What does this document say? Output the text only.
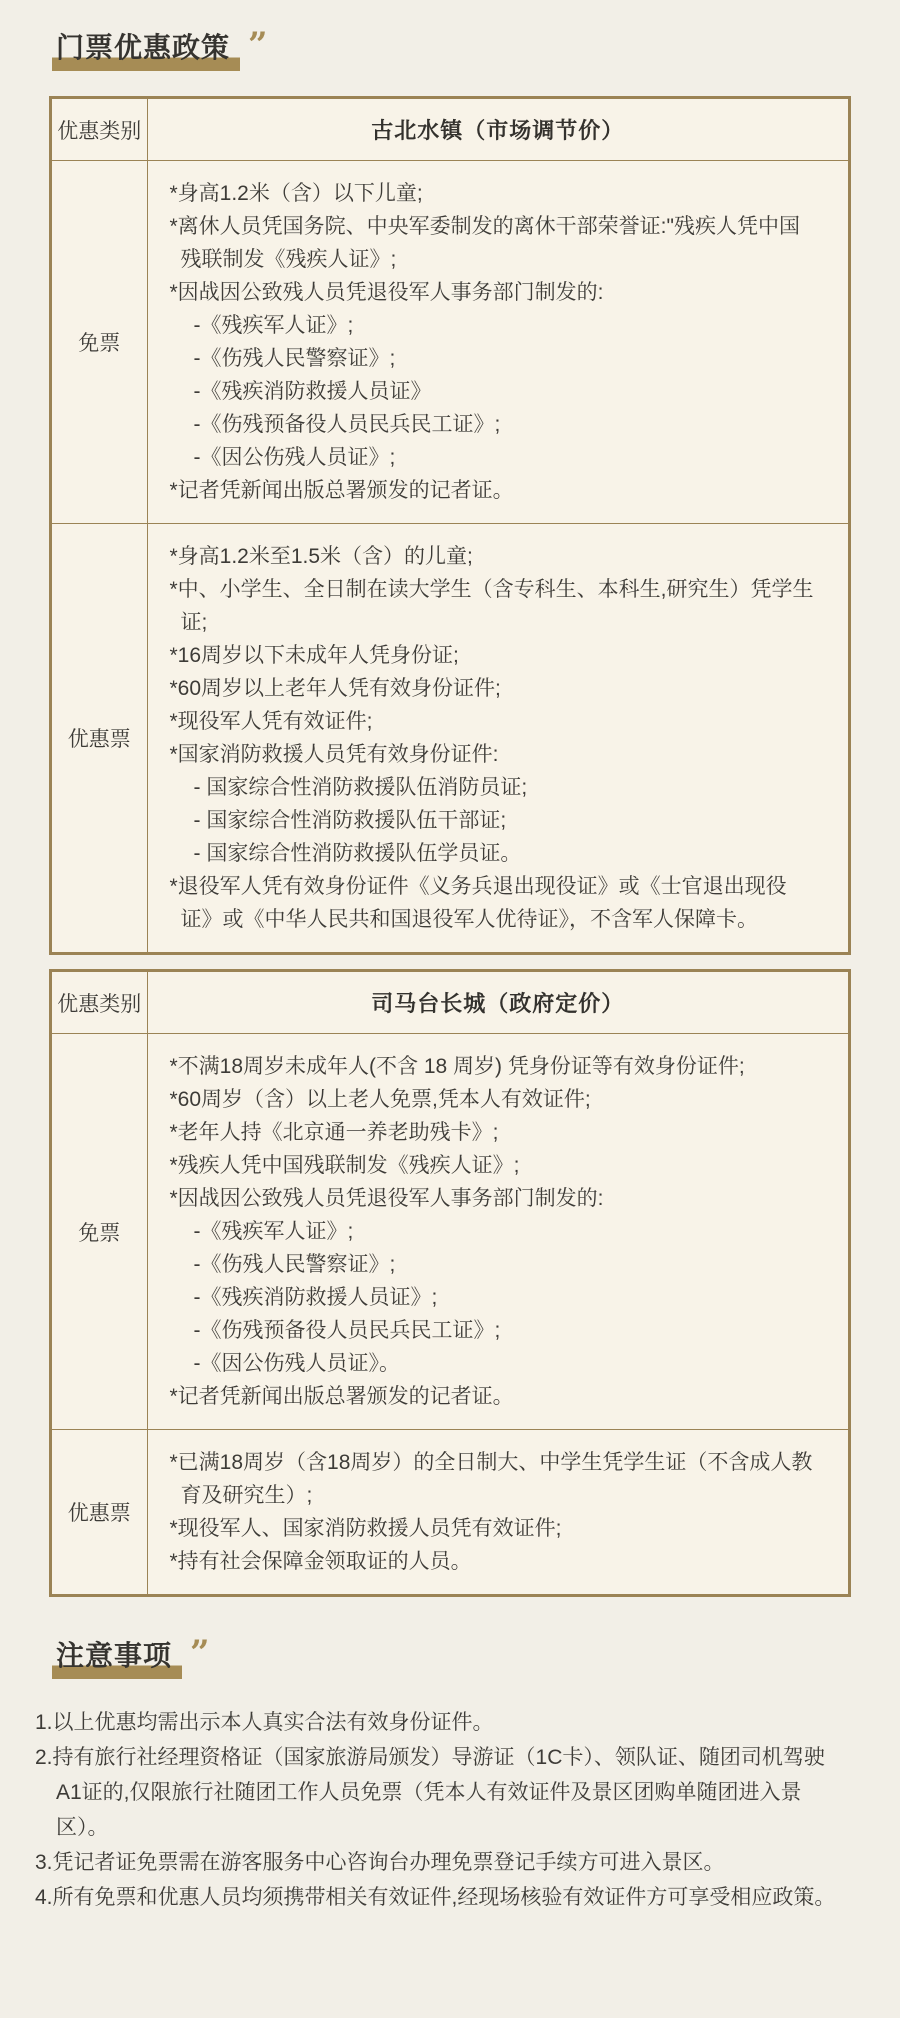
门票优惠政策 ”
优惠类别	古北水镇（市场调节价）
免票	
*身高1.2米（含）以下儿童;
*离休人员凭国务院、中央军委制发的离休干部荣誉证:"残疾人凭中国残联制发《残疾人证》;
*因战因公致残人员凭退役军人事务部门制发的:
-《残疾军人证》;
-《伤残人民警察证》;
-《残疾消防救援人员证》
-《伤残预备役人员民兵民工证》;
-《因公伤残人员证》;
*记者凭新闻出版总署颁发的记者证。

优惠票	
*身高1.2米至1.5米（含）的儿童;
*中、小学生、全日制在读大学生（含专科生、本科生,研究生）凭学生证;
*16周岁以下未成年人凭身份证;
*60周岁以上老年人凭有效身份证件;
*现役军人凭有效证件;
*国家消防救援人员凭有效身份证件:
- 国家综合性消防救援队伍消防员证;
- 国家综合性消防救援队伍干部证;
- 国家综合性消防救援队伍学员证。
*退役军人凭有效身份证件《义务兵退出现役证》或《士官退出现役证》或《中华人民共和国退役军人优待证》，不含军人保障卡。
优惠类别	司马台长城（政府定价）
免票	
*不满18周岁未成年人(不含 18 周岁) 凭身份证等有效身份证件;
*60周岁（含）以上老人免票,凭本人有效证件;
*老年人持《北京通一养老助残卡》;
*残疾人凭中国残联制发《残疾人证》;
*因战因公致残人员凭退役军人事务部门制发的:
-《残疾军人证》;
-《伤残人民警察证》;
-《残疾消防救援人员证》;
-《伤残预备役人员民兵民工证》;
-《因公伤残人员证》。
*记者凭新闻出版总署颁发的记者证。

优惠票	*已满18周岁（含18周岁）的全日制大、中学生凭学生证（不含成人教育及研究生）;
*现役军人、国家消防救援人员凭有效证件;
*持有社会保障金领取证的人员。
注意事项 ”
1.以上优惠均需出示本人真实合法有效身份证件。
2.持有旅行社经理资格证（国家旅游局颁发）导游证（1C卡）、领队证、随团司机驾驶A1证的,仅限旅行社随团工作人员免票（凭本人有效证件及景区团购单随团进入景区）。
3.凭记者证免票需在游客服务中心咨询台办理免票登记手续方可进入景区。
4.所有免票和优惠人员均须携带相关有效证件,经现场核验有效证件方可享受相应政策。
